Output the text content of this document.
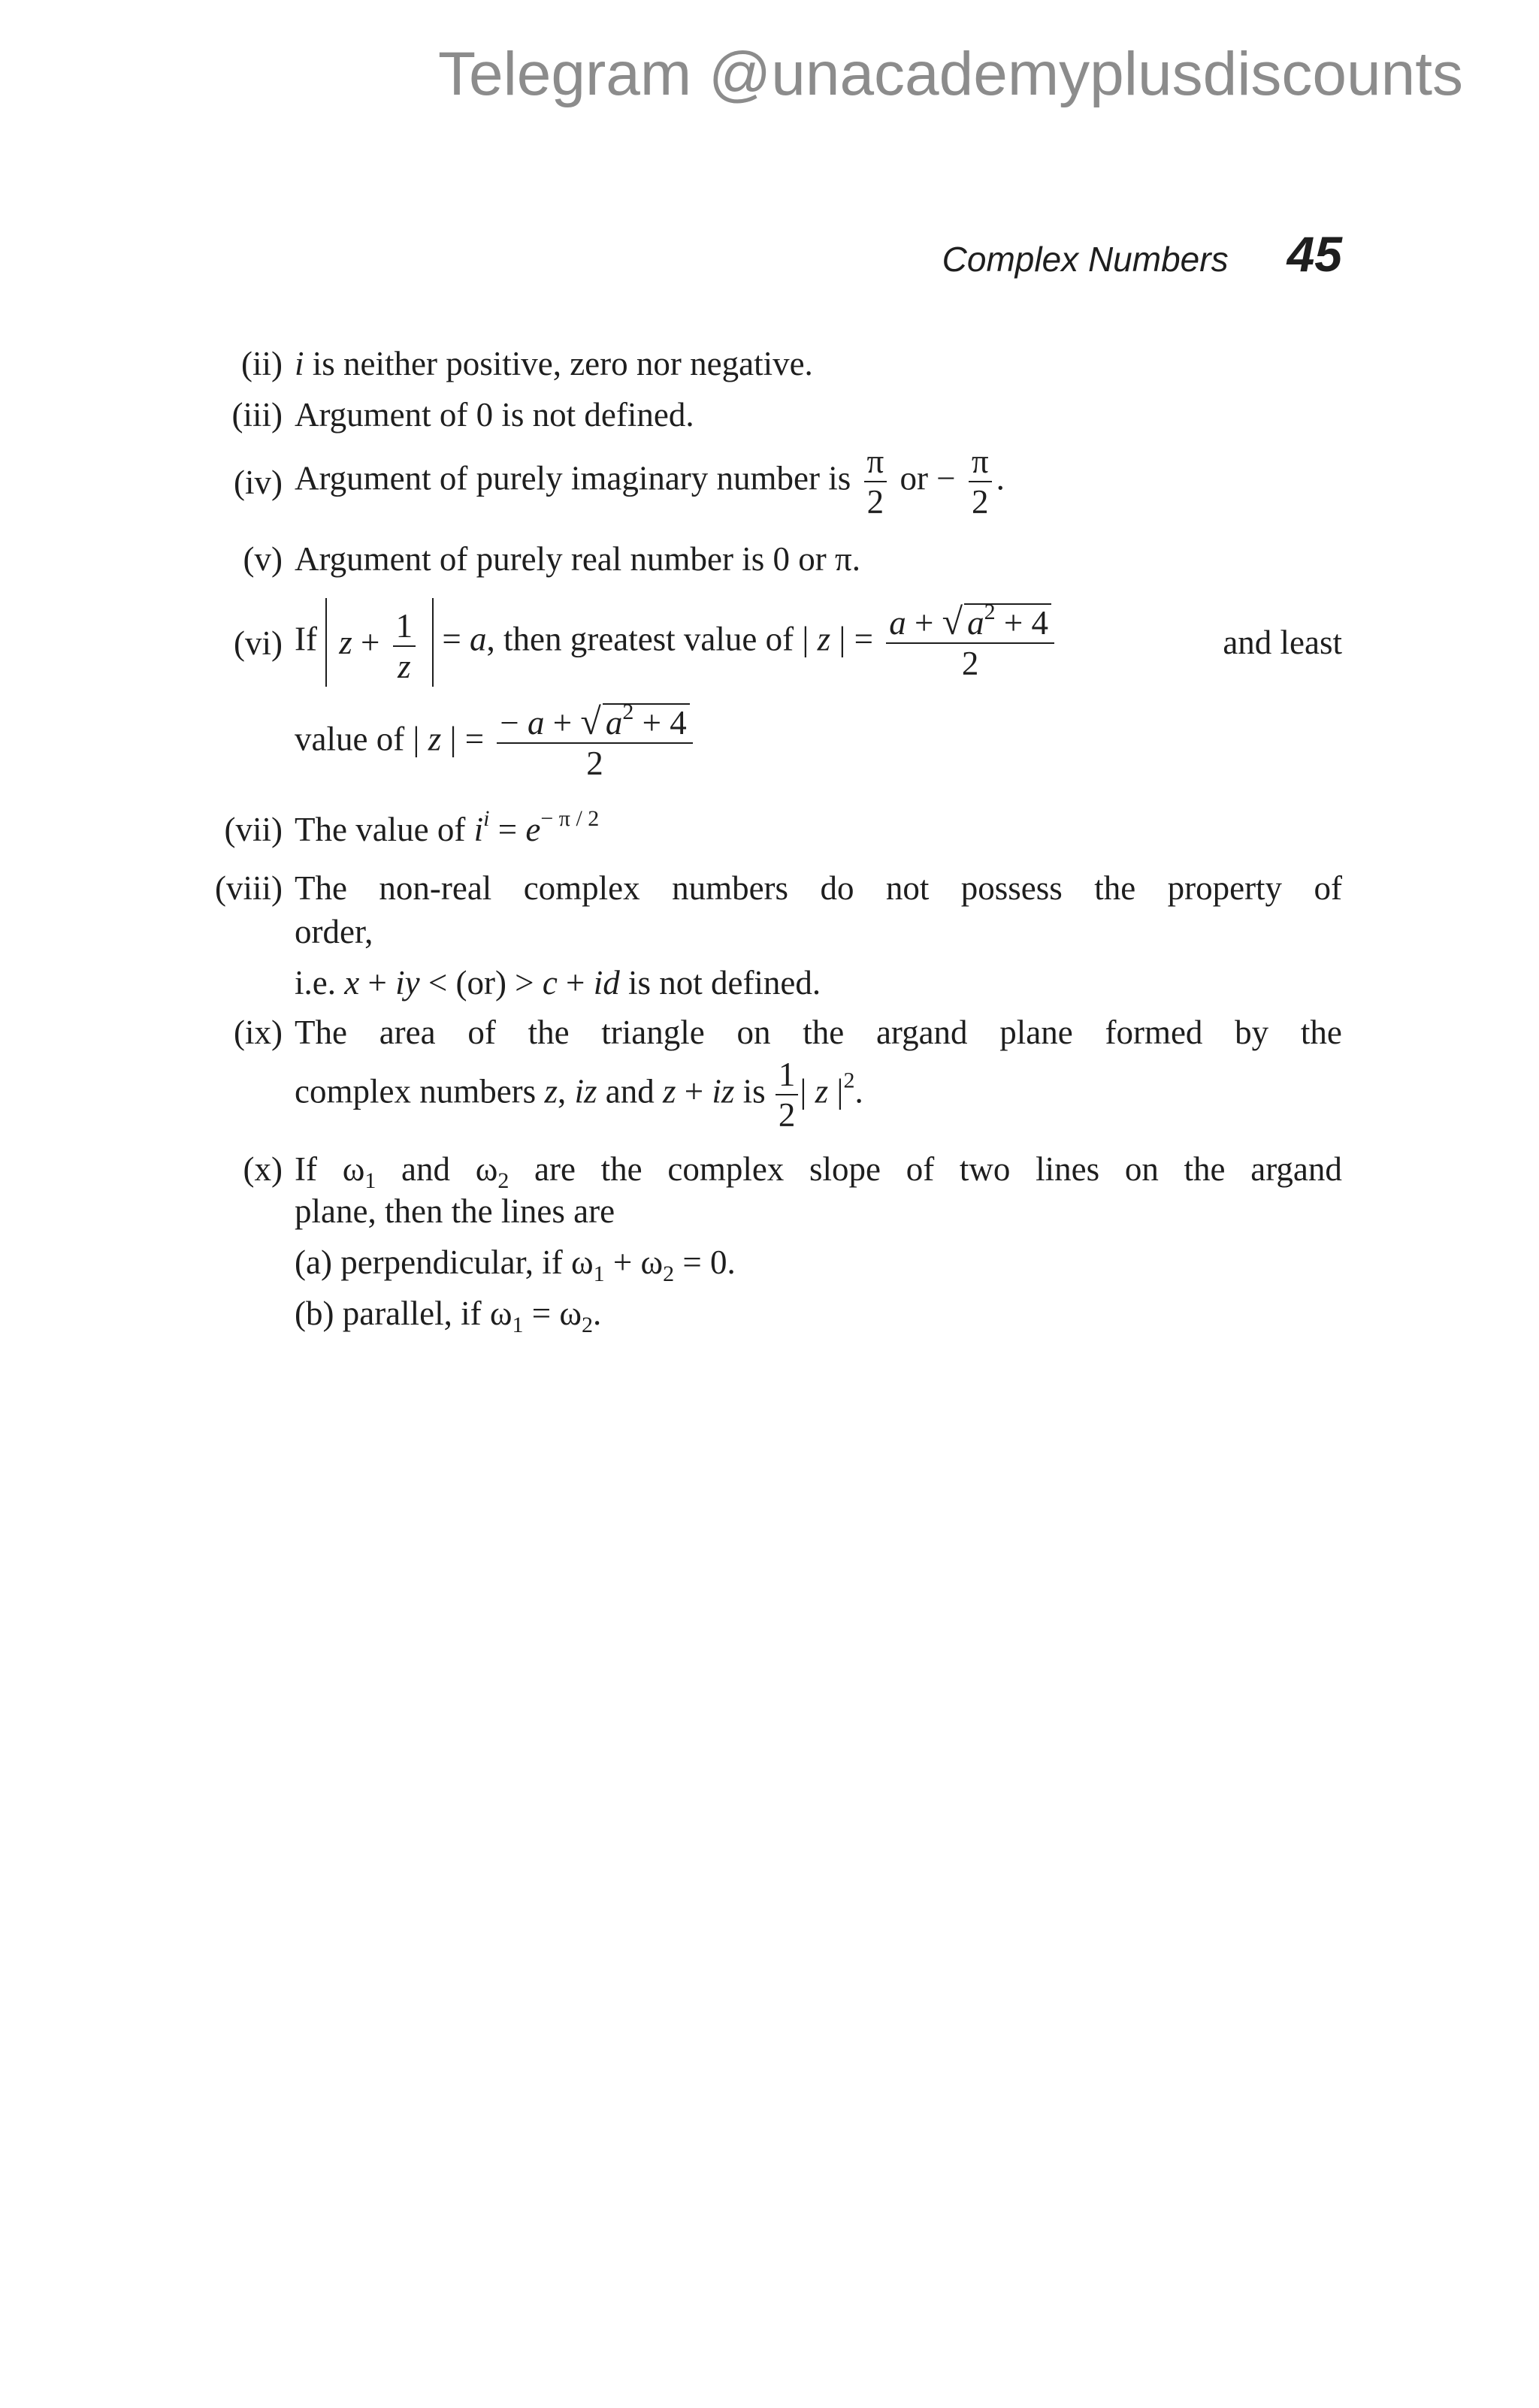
Telegram @unacademyplusdiscounts
Complex Numbers 45
(ii) i is neither positive, zero nor negative.
(iii) Argument of 0 is not defined.
(iv) Argument of purely imaginary number is $\frac{\pi}{2}$ or − $\frac{\pi}{2}$ .
(v) Argument of purely real number is 0 or π.
(vi) If $z + \frac{1}{z} = a$, then greatest value of | z | = $\frac{a + √ a^2 + 4}{2}$	and least
value of | z | = $\frac{- a + √ a^2 + 4}{2}$
(vii) The value of $i^i = e^{- \pi / 2}$
(viii) The non-real complex numbers do not possess the property of
order,
i.e. x + iy < (or) > c + id is not defined.
(ix) The area of the triangle on the argand plane formed by the
complex numbers z, iz and z + iz is $\frac{1}{2}$ | z $|^2$.
(x) If $\omega_1$ and $\omega_2$ are the complex slope of two lines on the argand
plane, then the lines are
(a) perpendicular, if $\omega_1 + \omega_2 = 0$.
(b) parallel, if $\omega_1 = \omega_2$.
